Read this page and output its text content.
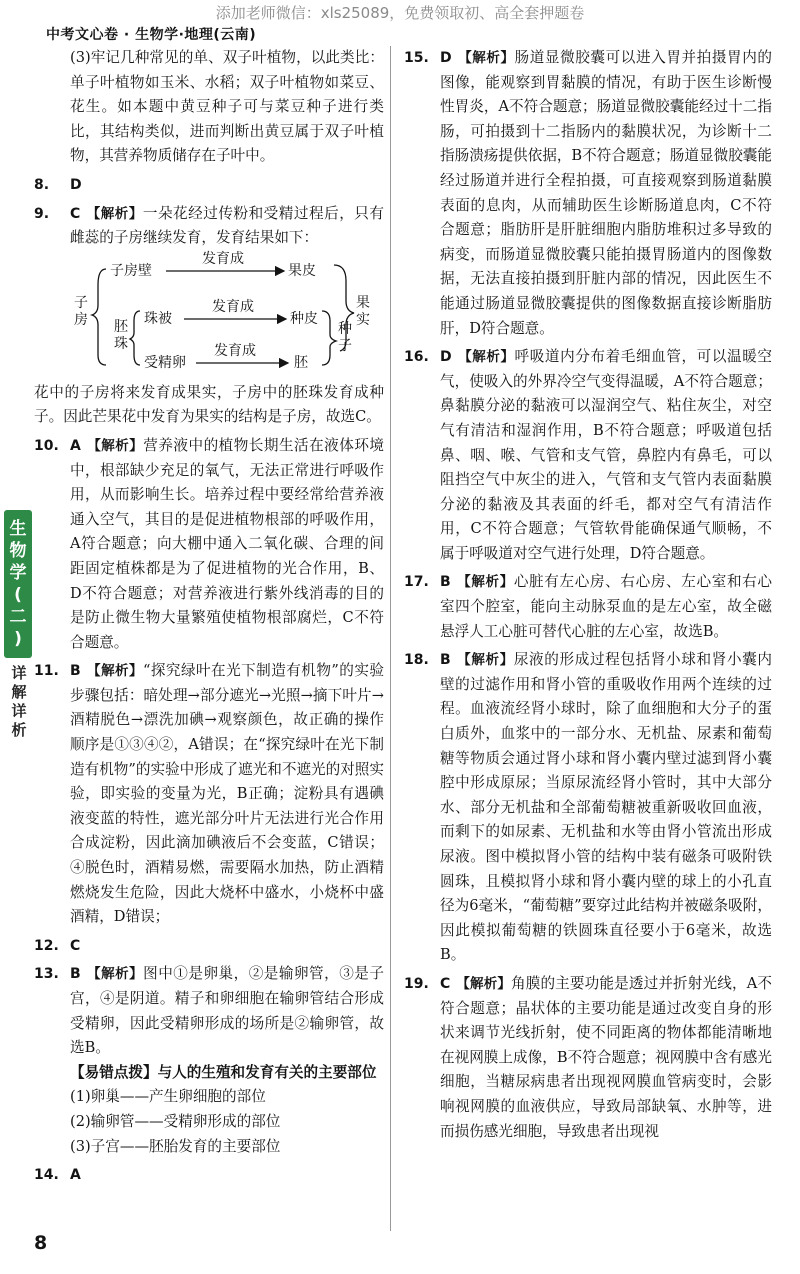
添加老师微信：xls25089，免费领取初、高全套押题卷
中考文心卷 · 生物学·地理(云南)
生
物
学
(
二
)
详
解
详
析
(3)牢记几种常见的单、双子叶植物，以此类比：单子叶植物如玉米、水稻；双子叶植物如菜豆、花生。如本题中黄豆种子可与菜豆种子进行类比，其结构类似，进而判断出黄豆属于双子叶植物，其营养物质储存在子叶中。
8.	D
9.	C 【解析】一朵花经过传粉和受精过程后，只有雌蕊的子房继续发育，发育结果如下：
子房
子房壁
胚珠
珠被
受精卵
发育成
发育成
发育成
果皮
种皮
胚
种子
果实
花中的子房将来发育成果实，子房中的胚珠发育成种子。因此芒果花中发育为果实的结构是子房，故选C。
10. A 【解析】营养液中的植物长期生活在液体环境中，根部缺少充足的氧气，无法正常进行呼吸作用，从而影响生长。培养过程中要经常给营养液通入空气，其目的是促进植物根部的呼吸作用，A符合题意；向大棚中通入二氧化碳、合理的间距固定植株都是为了促进植物的光合作用，B、D不符合题意；对营养液进行紫外线消毒的目的是防止微生物大量繁殖使植物根部腐烂，C不符合题意。
11. B 【解析】“探究绿叶在光下制造有机物”的实验步骤包括：暗处理→部分遮光→光照→摘下叶片→酒精脱色→漂洗加碘→观察颜色，故正确的操作顺序是①③④②，A错误；在“探究绿叶在光下制造有机物”的实验中形成了遮光和不遮光的对照实验，即实验的变量为光，B正确；淀粉具有遇碘液变蓝的特性，遮光部分叶片无法进行光合作用合成淀粉，因此滴加碘液后不会变蓝，C错误；④脱色时，酒精易燃，需要隔水加热，防止酒精燃烧发生危险，因此大烧杯中盛水，小烧杯中盛酒精，D错误；
12. C
13. B 【解析】图中①是卵巢，②是输卵管，③是子宫，④是阴道。精子和卵细胞在输卵管结合形成受精卵，因此受精卵形成的场所是②输卵管，故选B。
【易错点拨】与人的生殖和发育有关的主要部位
(1)卵巢——产生卵细胞的部位
(2)输卵管——受精卵形成的部位
(3)子宫——胚胎发育的主要部位
14. A
15. D 【解析】肠道显微胶囊可以进入胃并拍摄胃内的图像，能观察到胃黏膜的情况，有助于医生诊断慢性胃炎，A不符合题意；肠道显微胶囊能经过十二指肠，可拍摄到十二指肠内的黏膜状况，为诊断十二指肠溃疡提供依据，B不符合题意；肠道显微胶囊能经过肠道并进行全程拍摄，可直接观察到肠道黏膜表面的息肉，从而辅助医生诊断肠道息肉，C不符合题意；脂肪肝是肝脏细胞内脂肪堆积过多导致的病变，而肠道显微胶囊只能拍摄胃肠道内的图像数据，无法直接拍摄到肝脏内部的情况，因此医生不能通过肠道显微胶囊提供的图像数据直接诊断脂肪肝，D符合题意。
16. D 【解析】呼吸道内分布着毛细血管，可以温暖空气，使吸入的外界冷空气变得温暖，A不符合题意；鼻黏膜分泌的黏液可以湿润空气、粘住灰尘，对空气有清洁和湿润作用，B不符合题意；呼吸道包括鼻、咽、喉、气管和支气管，鼻腔内有鼻毛，可以阻挡空气中灰尘的进入，气管和支气管内表面黏膜分泌的黏液及其表面的纤毛，都对空气有清洁作用，C不符合题意；气管软骨能确保通气顺畅，不属于呼吸道对空气进行处理，D符合题意。
17. B 【解析】心脏有左心房、右心房、左心室和右心室四个腔室，能向主动脉泵血的是左心室，故全磁悬浮人工心脏可替代心脏的左心室，故选B。
18. B 【解析】尿液的形成过程包括肾小球和肾小囊内壁的过滤作用和肾小管的重吸收作用两个连续的过程。血液流经肾小球时，除了血细胞和大分子的蛋白质外，血浆中的一部分水、无机盐、尿素和葡萄糖等物质会通过肾小球和肾小囊内壁过滤到肾小囊腔中形成原尿；当原尿流经肾小管时，其中大部分水、部分无机盐和全部葡萄糖被重新吸收回血液，而剩下的如尿素、无机盐和水等由肾小管流出形成尿液。图中模拟肾小管的结构中装有磁条可吸附铁圆珠，且模拟肾小球和肾小囊内壁的球上的小孔直径为6毫米，“葡萄糖”要穿过此结构并被磁条吸附，因此模拟葡萄糖的铁圆珠直径要小于6毫米，故选B。
19. C 【解析】角膜的主要功能是透过并折射光线，A不符合题意；晶状体的主要功能是通过改变自身的形状来调节光线折射，使不同距离的物体都能清晰地在视网膜上成像，B不符合题意；视网膜中含有感光细胞，当糖尿病患者出现视网膜血管病变时，会影响视网膜的血液供应，导致局部缺氧、水肿等，进而损伤感光细胞，导致患者出现视
8
